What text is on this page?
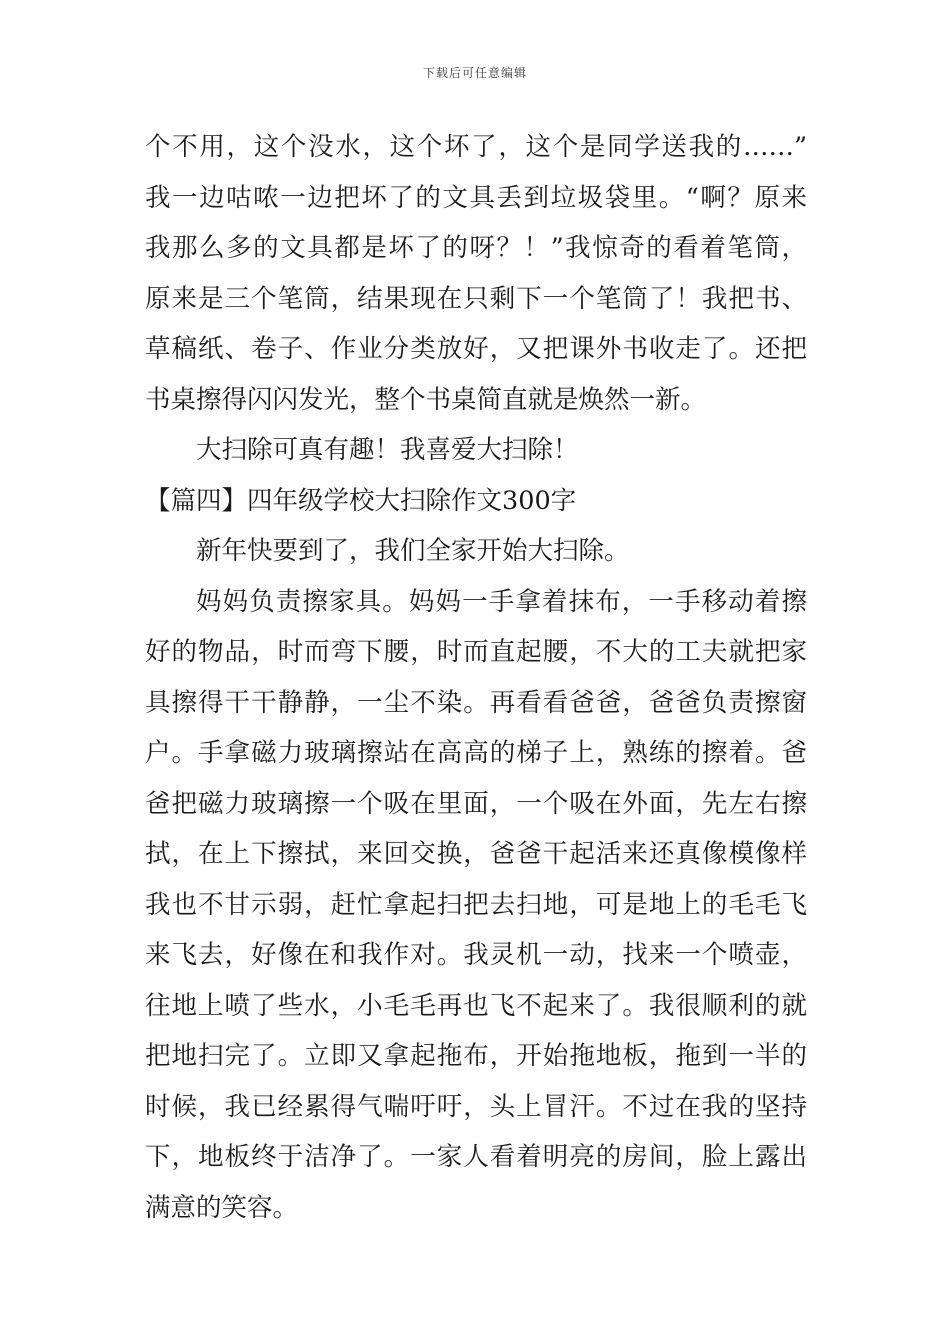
下载后可任意编辑
个不用，这个没水，这个坏了，这个是同学送我的……”
我一边咕哝一边把坏了的文具丢到垃圾袋里。“啊？原来
我那么多的文具都是坏了的呀？！”我惊奇的看着笔筒，
原来是三个笔筒，结果现在只剩下一个笔筒了！我把书、
草稿纸、卷子、作业分类放好，又把课外书收走了。还把
书桌擦得闪闪发光，整个书桌简直就是焕然一新。
大扫除可真有趣！我喜爱大扫除！
【篇四】四年级学校大扫除作文300字
新年快要到了，我们全家开始大扫除。
妈妈负责擦家具。妈妈一手拿着抹布，一手移动着擦
好的物品，时而弯下腰，时而直起腰，不大的工夫就把家
具擦得干干静静，一尘不染。再看看爸爸，爸爸负责擦窗
户。手拿磁力玻璃擦站在高高的梯子上，熟练的擦着。爸
爸把磁力玻璃擦一个吸在里面，一个吸在外面，先左右擦
拭，在上下擦拭，来回交换，爸爸干起活来还真像模像样
我也不甘示弱，赶忙拿起扫把去扫地，可是地上的毛毛飞
来飞去，好像在和我作对。我灵机一动，找来一个喷壶，
往地上喷了些水，小毛毛再也飞不起来了。我很顺利的就
把地扫完了。立即又拿起拖布，开始拖地板，拖到一半的
时候，我已经累得气喘吁吁，头上冒汗。不过在我的坚持
下，地板终于洁净了。一家人看着明亮的房间，脸上露出
满意的笑容。
